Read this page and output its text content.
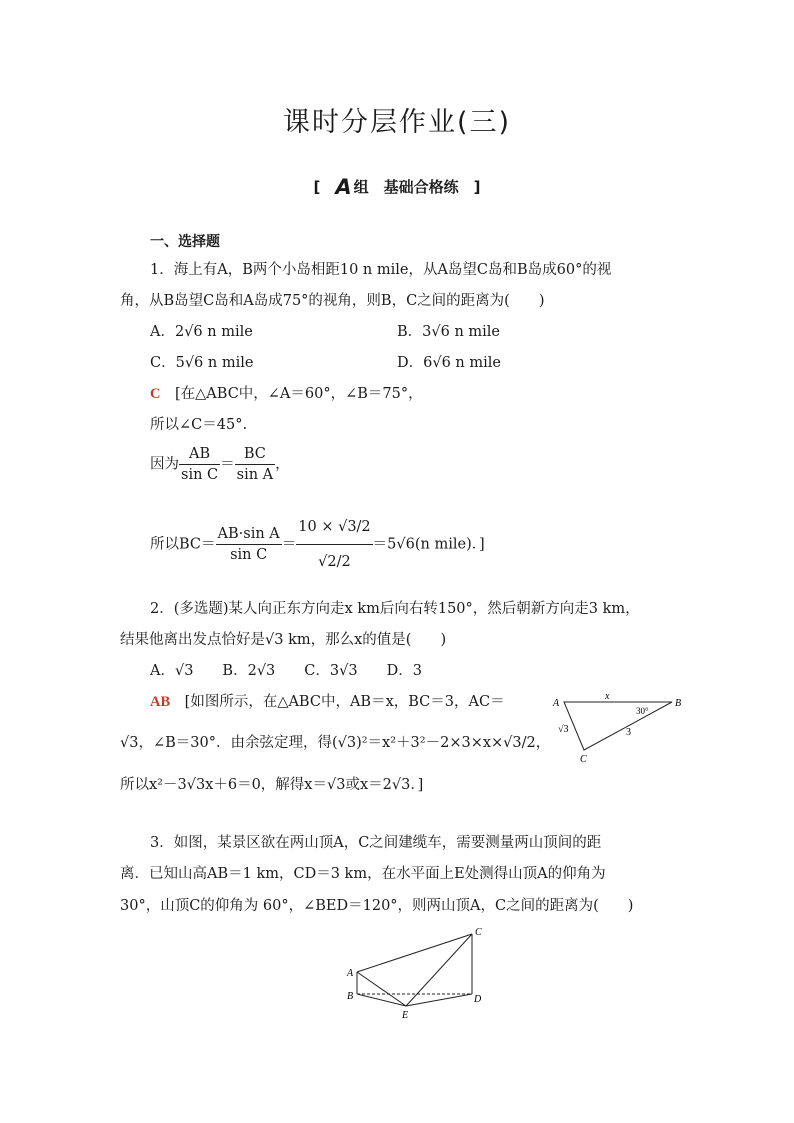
课时分层作业(三)
[　A 组　基础合格练　]
一、选择题
1．海上有A，B两个小岛相距10 n mile，从A岛望C岛和B岛成60°的视
角，从B岛望C岛和A岛成75°的视角，则B，C之间的距离为(　　)
A．2√6 n mile	B．3√6 n mile
C．5√6 n mile	D．6√6 n mile
C　 [在△ABC中，∠A＝60°，∠B＝75°，
所以∠C＝45°.
因为 $\frac{AB}{\text{sin C}} = \frac{BC}{\text{sin A}}$ ，
所以$BC= \frac{\text{AB·sin A}}{\text{sin C}} = \frac{10 \times √3/2}{√2/2} =5√6(n$ mile)．]
2．(多选题)某人向正东方向走x km后向右转150°，然后朝新方向走3 km，
结果他离出发点恰好是√3 km，那么x的值是(　　)
A．√3　　B．2√3　　C．3√3　　D．3
AB　 [如图所示，在△ABC中，AB＝x，BC＝3，AC＝
√3，∠B＝30°．由余弦定理，得(√3)²＝x²＋3²－2×3×x×√3/2，
所以x²－3√3x＋6＝0，解得x＝√3或x＝2√3．]
A	B
C
x
30°
3
√3
3．如图，某景区欲在两山顶A，C之间建缆车，需要测量两山顶间的距
离．已知山高AB＝1 km，CD＝3 km，在水平面上E处测得山顶A的仰角为
30°，山顶C的仰角为 60°，∠BED＝120°，则两山顶A，C之间的距离为(　　)
A
B
C
D
E
